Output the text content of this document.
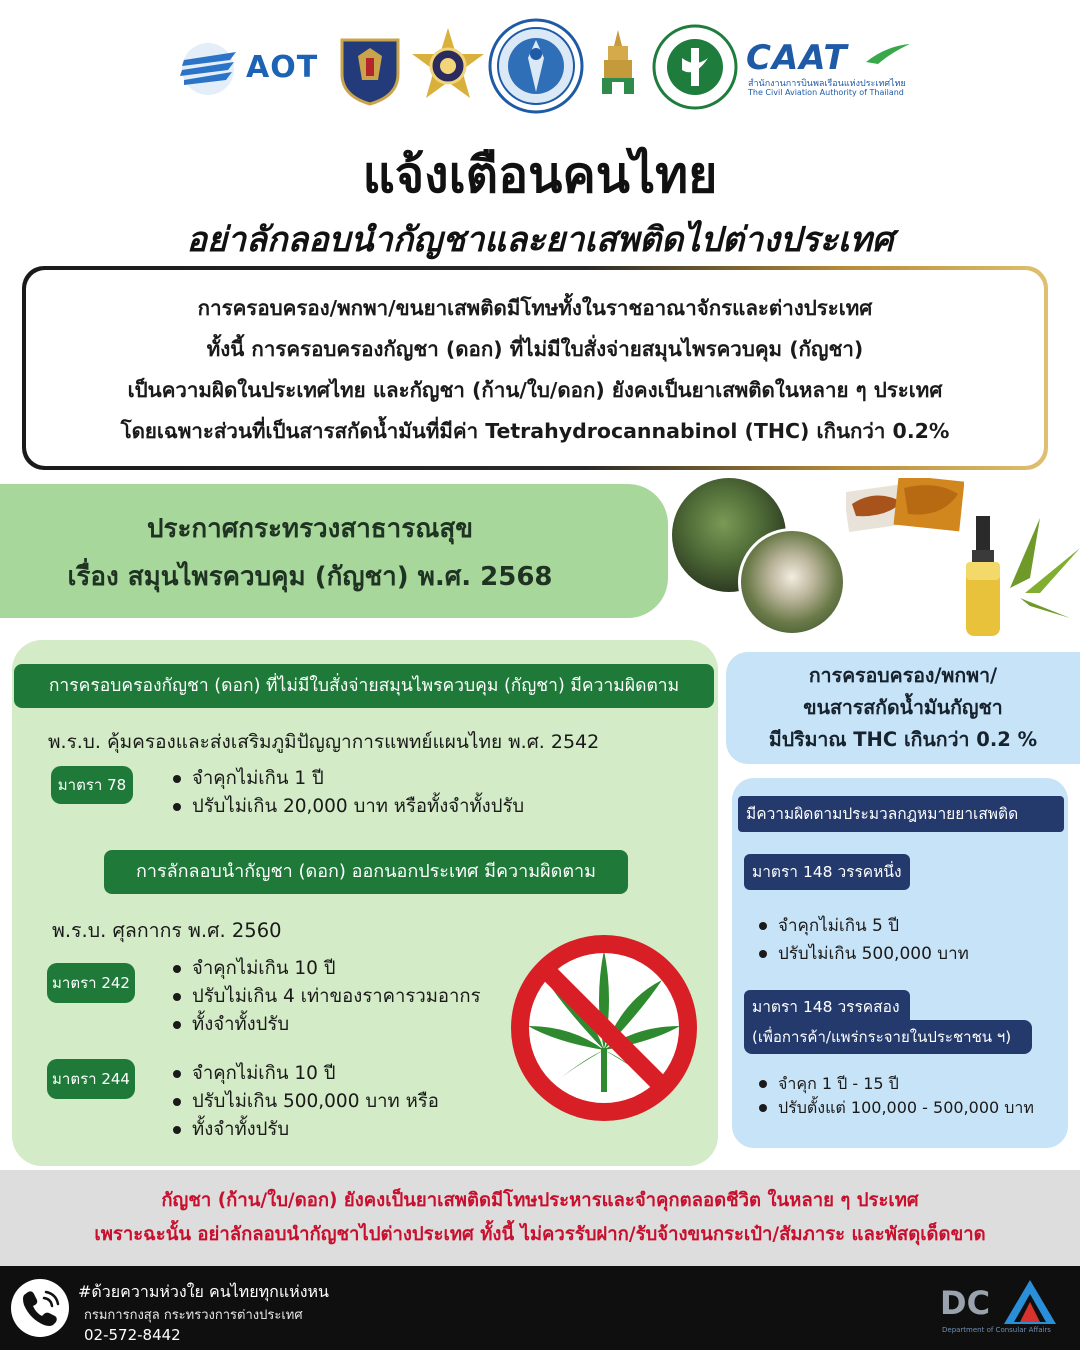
AOT	CAAT
สำนักงานการบินพลเรือนแห่งประเทศไทย
The Civil Aviation Authority of Thailand
แจ้งเตือนคนไทย
อย่าลักลอบนำกัญชาและยาเสพติดไปต่างประเทศ
การครอบครอง/พกพา/ขนยาเสพติดมีโทษทั้งในราชอาณาจักรและต่างประเทศ
ทั้งนี้ การครอบครองกัญชา (ดอก) ที่ไม่มีใบสั่งจ่ายสมุนไพรควบคุม (กัญชา)
เป็นความผิดในประเทศไทย และกัญชา (ก้าน/ใบ/ดอก) ยังคงเป็นยาเสพติดในหลาย ๆ ประเทศ
โดยเฉพาะส่วนที่เป็นสารสกัดน้ำมันที่มีค่า Tetrahydrocannabinol (THC) เกินกว่า 0.2%
ประกาศกระทรวงสาธารณสุข
เรื่อง สมุนไพรควบคุม (กัญชา) พ.ศ. 2568
การครอบครองกัญชา (ดอก) ที่ไม่มีใบสั่งจ่ายสมุนไพรควบคุม (กัญชา) มีความผิดตาม
พ.ร.บ. คุ้มครองและส่งเสริมภูมิปัญญาการแพทย์แผนไทย พ.ศ. 2542
มาตรา 78	จำคุกไม่เกิน 1 ปี
ปรับไม่เกิน 20,000 บาท หรือทั้งจำทั้งปรับ
การลักลอบนำกัญชา (ดอก) ออกนอกประเทศ มีความผิดตาม
พ.ร.บ. ศุลกากร พ.ศ. 2560
มาตรา 242
จำคุกไม่เกิน 10 ปี
ปรับไม่เกิน 4 เท่าของราคารวมอากร
ทั้งจำทั้งปรับ
มาตรา 244	จำคุกไม่เกิน 10 ปี
ปรับไม่เกิน 500,000 บาท หรือ
ทั้งจำทั้งปรับ
การครอบครอง/พกพา/
ขนสารสกัดน้ำมันกัญชา
มีปริมาณ THC เกินกว่า 0.2 %
มีความผิดตามประมวลกฎหมายยาเสพติด
มาตรา 148 วรรคหนึ่ง
จำคุกไม่เกิน 5 ปี
ปรับไม่เกิน 500,000 บาท
มาตรา 148 วรรคสอง
(เพื่อการค้า/แพร่กระจายในประชาชน ฯ)
จำคุก 1 ปี - 15 ปี
ปรับตั้งแต่ 100,000 - 500,000 บาท
กัญชา (ก้าน/ใบ/ดอก) ยังคงเป็นยาเสพติดมีโทษประหารและจำคุกตลอดชีวิต ในหลาย ๆ ประเทศ
เพราะฉะนั้น อย่าลักลอบนำกัญชาไปต่างประเทศ ทั้งนี้ ไม่ควรรับฝาก/รับจ้างขนกระเป๋า/สัมภาระ และพัสดุเด็ดขาด
#ด้วยความห่วงใย คนไทยทุกแห่งหน
กรมการกงสุล กระทรวงการต่างประเทศ
02-572-8442
DC
Department of Consular Affairs
